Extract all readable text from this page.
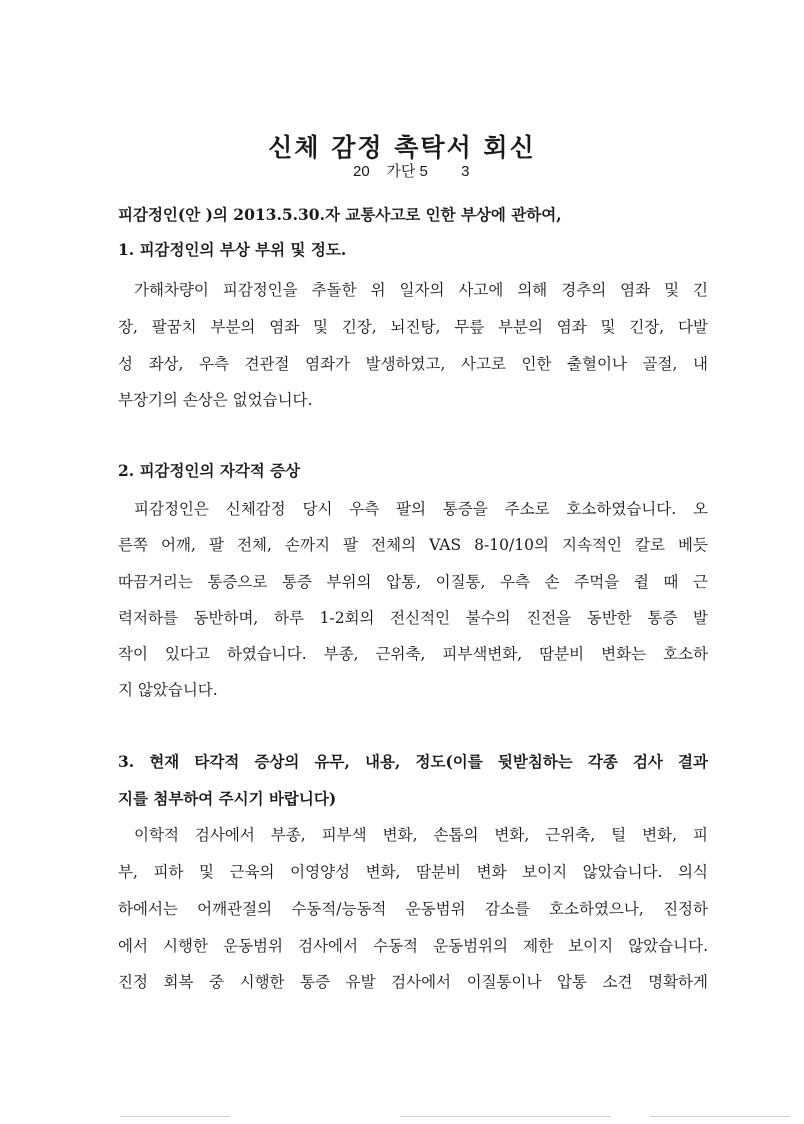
신체 감정 촉탁서 회신
20    가단 5        3
피감정인(안 )의 2013.5.30.자 교통사고로 인한 부상에 관하여,
1. 피감정인의 부상 부위 및 정도.
가해차량이 피감정인을 추돌한 위 일자의 사고에 의해 경추의 염좌 및 긴
장, 팔꿈치 부분의 염좌 및 긴장, 뇌진탕, 무릎 부분의 염좌 및 긴장, 다발
성 좌상, 우측 견관절 염좌가 발생하였고, 사고로 인한 출혈이나 골절, 내
부장기의 손상은 없었습니다.
2. 피감정인의 자각적 증상
피감정인은 신체감정 당시 우측 팔의 통증을 주소로 호소하였습니다. 오
른쪽 어깨, 팔 전체, 손까지 팔 전체의 VAS 8-10/10의 지속적인 칼로 베듯
따끔거리는 통증으로 통증 부위의 압통, 이질통, 우측 손 주먹을 쥘 때 근
력저하를 동반하며, 하루 1-2회의 전신적인 불수의 진전을 동반한 통증 발
작이 있다고 하였습니다. 부종, 근위축, 피부색변화, 땀분비 변화는 호소하
지 않았습니다.
3. 현재 타각적 증상의 유무, 내용, 정도(이를 뒷받침하는 각종 검사 결과
지를 첨부하여 주시기 바랍니다)
이학적 검사에서 부종, 피부색 변화, 손톱의 변화, 근위축, 털 변화, 피
부, 피하 및 근육의 이영양성 변화, 땀분비 변화 보이지 않았습니다. 의식
하에서는 어깨관절의 수동적/능동적 운동범위 감소를 호소하였으나, 진정하
에서 시행한 운동범위 검사에서 수동적 운동범위의 제한 보이지 않았습니다.
진정 회복 중 시행한 통증 유발 검사에서 이질통이나 압통 소견 명확하게
